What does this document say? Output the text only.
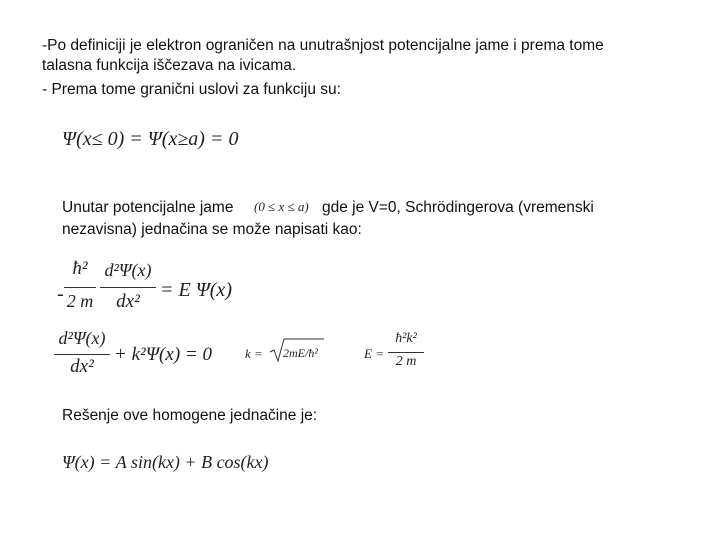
-Po definiciji je elektron ograničen na unutrašnjost potencijalne jame i prema tome
talasna funkcija iščezava na ivicama.
- Prema tome granični uslovi za funkciju su:
Ψ(x≤ 0) = Ψ(x≥a) = 0
Unutar potencijalne jame (0 ≤ x ≤ a) gde je V=0, Schrödingerova (vremenski
nezavisna) jednačina se može napisati kao:
-
ħ²
2 m
d²Ψ(x)
dx²
= E Ψ(x)
d²Ψ(x)
dx²
+ k²Ψ(x) = 0	k = 2mE/ħ²	E =
ħ²k²
2 m
Rešenje ove homogene jednačine je:
Ψ(x) = A sin(kx) + B cos(kx)
